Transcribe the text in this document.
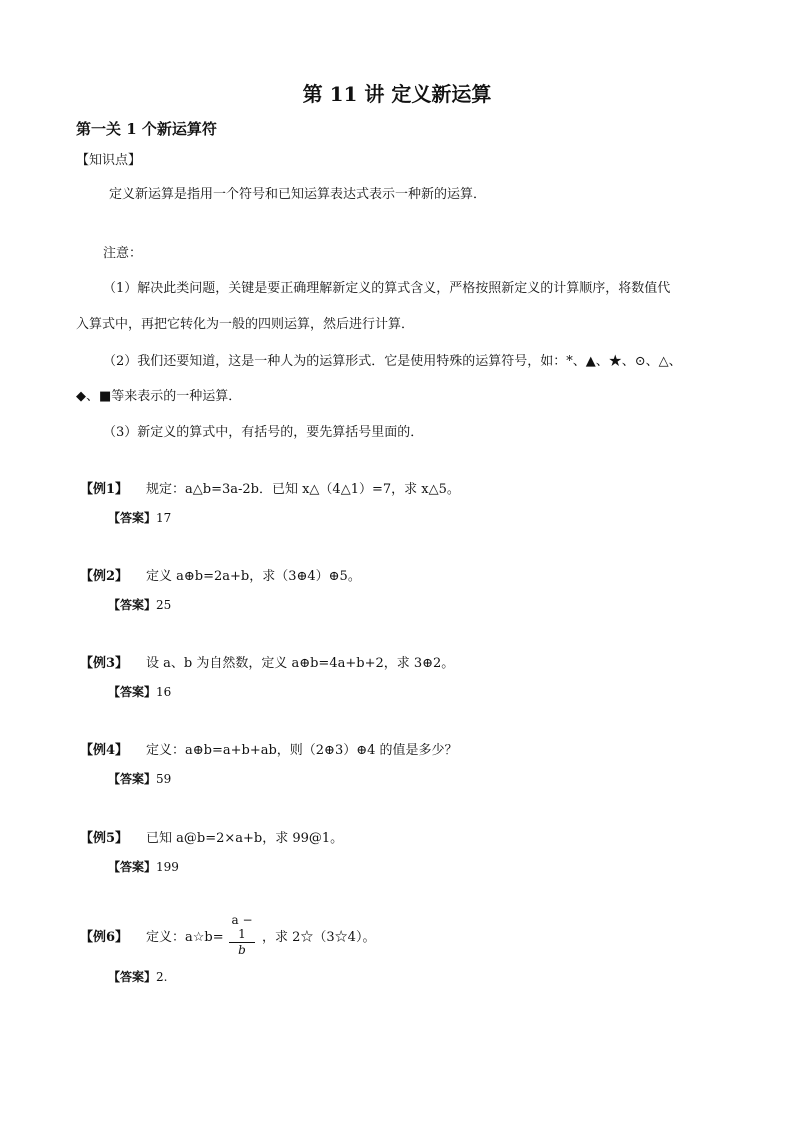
第 11 讲 定义新运算
第一关 1 个新运算符
【知识点】
定义新运算是指用一个符号和已知运算表达式表示一种新的运算．
注意：
（1）解决此类问题，关键是要正确理解新定义的算式含义，严格按照新定义的计算顺序，将数值代
入算式中，再把它转化为一般的四则运算，然后进行计算．
（2）我们还要知道，这是一种人为的运算形式．它是使用特殊的运算符号，如：*、▲、★、⊙、△、
◆、■等来表示的一种运算．
（3）新定义的算式中，有括号的，要先算括号里面的．
【例1】 规定：a△b=3a-2b．已知 x△（4△1）=7，求 x△5。
【答案】17
【例2】 定义 a⊕b=2a+b，求（3⊕4）⊕5。
【答案】25
【例3】 设 a、b 为自然数，定义 a⊕b=4a+b+2，求 3⊕2。
【答案】16
【例4】 定义：a⊕b=a+b+ab，则（2⊕3）⊕4 的值是多少？
【答案】59
【例5】 已知 a@b=2×a+b，求 99@1。
【答案】199
【例6】 定义：a☆b=
a − 1
b
，求 2☆（3☆4）。
【答案】2.
